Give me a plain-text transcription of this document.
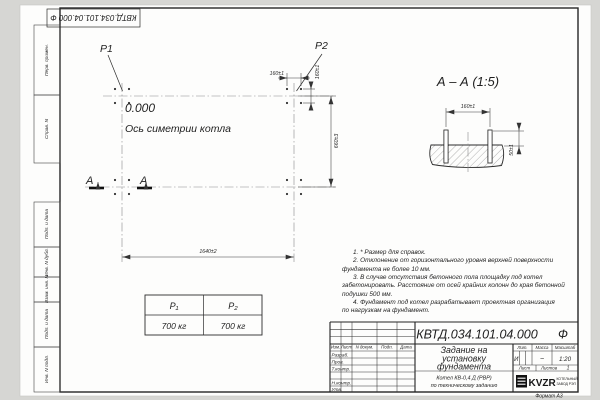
Перв. примен.
Справ. N
Подп. и дата
Инв. N дубл.
Взам. инв. N
Подп. и дата
Инв. N подл.
КВТД.034.101.04.000 Ф
P1	P2
0.000
Ось симетрии котла
160±1	160±1
660±3
1640±2
А	А
А – А (1:5)
160±1
50±1
P₁	P₂
700 кг	700 кг
1. * Размер для справок.
2. Отклонение от горизонтального уровня верхней поверхности
фундамента не более 10 мм.
3. В случае отсутствия бетонного пола площадку под котел
забетонировать. Расстояние от осей крайних колонн до края бетонной
подушки 500 мм.
4. Фундамент под котел разрабатывает проектная организация
по нагрузкам на фундамент.
КВТД.034.101.04.000 Ф
Изм. Лист N докум. Подп. Дата
Разраб.
Пров.
Т.контр.
Н.контр.
Утв.
Задание на
установку
фундамента
Лит. Масса Масштаб
И	~ 1:20
Лист Листов 1
Котел КВ-0,4 Д (РВР)
по техническому заданию	KVZR КОТЕЛЬНЫЙ
ЗАВОД РЭП
Формат А3
